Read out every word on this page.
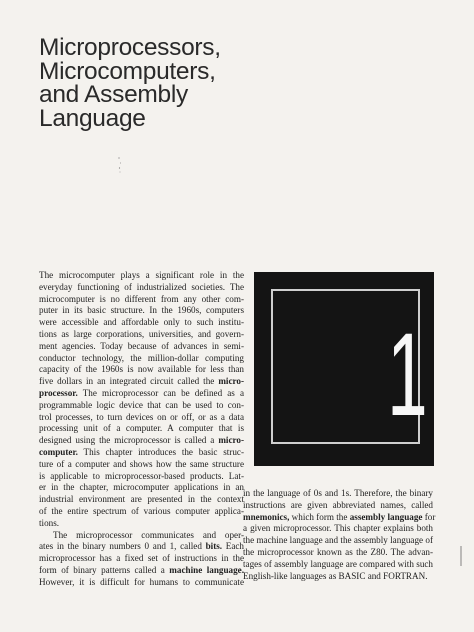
Microprocessors,
Microcomputers,
and Assembly
Language

The microcomputer plays a significant role in the
everyday functioning of industrialized societies. The
microcomputer is no different from any other com-
puter in its basic structure. In the 1960s, computers
were accessible and affordable only to such institu-
tions as large corporations, universities, and govern-
ment agencies. Today because of advances in semi-
conductor technology, the million-dollar computing
capacity of the 1960s is now available for less than
five dollars in an integrated circuit called the micro-
processor. The microprocessor can be defined as a
programmable logic device that can be used to con-
trol processes, to turn devices on or off, or as a data
processing unit of a computer. A computer that is
designed using the microprocessor is called a micro-
computer. This chapter introduces the basic struc-
ture of a computer and shows how the same structure
is applicable to microprocessor-based products. Lat-
er in the chapter, microcomputer applications in an
industrial environment are presented in the context
of the entire spectrum of various computer applica-
tions.

The microprocessor communicates and oper-
ates in the binary numbers 0 and 1, called bits. Each
microprocessor has a fixed set of instructions in the
form of binary patterns called a machine language.
However, it is difficult for humans to communicate

1

in the language of 0s and 1s. Therefore, the binary
instructions are given abbreviated names, called
mnemonics, which form the assembly language for
a given microprocessor. This chapter explains both
the machine language and the assembly language of
the microprocessor known as the Z80. The advan-
tages of assembly language are compared with such
English-like languages as BASIC and FORTRAN.
